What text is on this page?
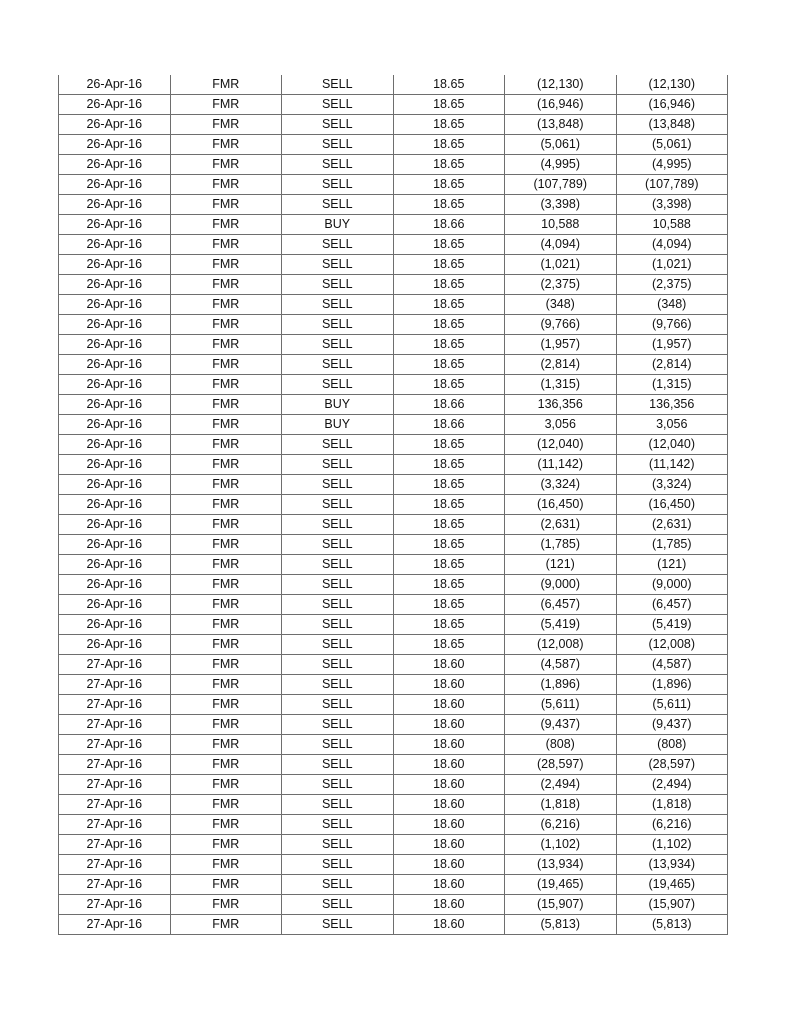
26-Apr-16	FMR	SELL	18.65	(12,130)	(12,130)
26-Apr-16	FMR	SELL	18.65	(16,946)	(16,946)
26-Apr-16	FMR	SELL	18.65	(13,848)	(13,848)
26-Apr-16	FMR	SELL	18.65	(5,061)	(5,061)
26-Apr-16	FMR	SELL	18.65	(4,995)	(4,995)
26-Apr-16	FMR	SELL	18.65	(107,789)	(107,789)
26-Apr-16	FMR	SELL	18.65	(3,398)	(3,398)
26-Apr-16	FMR	BUY	18.66	10,588	10,588
26-Apr-16	FMR	SELL	18.65	(4,094)	(4,094)
26-Apr-16	FMR	SELL	18.65	(1,021)	(1,021)
26-Apr-16	FMR	SELL	18.65	(2,375)	(2,375)
26-Apr-16	FMR	SELL	18.65	(348)	(348)
26-Apr-16	FMR	SELL	18.65	(9,766)	(9,766)
26-Apr-16	FMR	SELL	18.65	(1,957)	(1,957)
26-Apr-16	FMR	SELL	18.65	(2,814)	(2,814)
26-Apr-16	FMR	SELL	18.65	(1,315)	(1,315)
26-Apr-16	FMR	BUY	18.66	136,356	136,356
26-Apr-16	FMR	BUY	18.66	3,056	3,056
26-Apr-16	FMR	SELL	18.65	(12,040)	(12,040)
26-Apr-16	FMR	SELL	18.65	(11,142)	(11,142)
26-Apr-16	FMR	SELL	18.65	(3,324)	(3,324)
26-Apr-16	FMR	SELL	18.65	(16,450)	(16,450)
26-Apr-16	FMR	SELL	18.65	(2,631)	(2,631)
26-Apr-16	FMR	SELL	18.65	(1,785)	(1,785)
26-Apr-16	FMR	SELL	18.65	(121)	(121)
26-Apr-16	FMR	SELL	18.65	(9,000)	(9,000)
26-Apr-16	FMR	SELL	18.65	(6,457)	(6,457)
26-Apr-16	FMR	SELL	18.65	(5,419)	(5,419)
26-Apr-16	FMR	SELL	18.65	(12,008)	(12,008)
27-Apr-16	FMR	SELL	18.60	(4,587)	(4,587)
27-Apr-16	FMR	SELL	18.60	(1,896)	(1,896)
27-Apr-16	FMR	SELL	18.60	(5,611)	(5,611)
27-Apr-16	FMR	SELL	18.60	(9,437)	(9,437)
27-Apr-16	FMR	SELL	18.60	(808)	(808)
27-Apr-16	FMR	SELL	18.60	(28,597)	(28,597)
27-Apr-16	FMR	SELL	18.60	(2,494)	(2,494)
27-Apr-16	FMR	SELL	18.60	(1,818)	(1,818)
27-Apr-16	FMR	SELL	18.60	(6,216)	(6,216)
27-Apr-16	FMR	SELL	18.60	(1,102)	(1,102)
27-Apr-16	FMR	SELL	18.60	(13,934)	(13,934)
27-Apr-16	FMR	SELL	18.60	(19,465)	(19,465)
27-Apr-16	FMR	SELL	18.60	(15,907)	(15,907)
27-Apr-16	FMR	SELL	18.60	(5,813)	(5,813)
